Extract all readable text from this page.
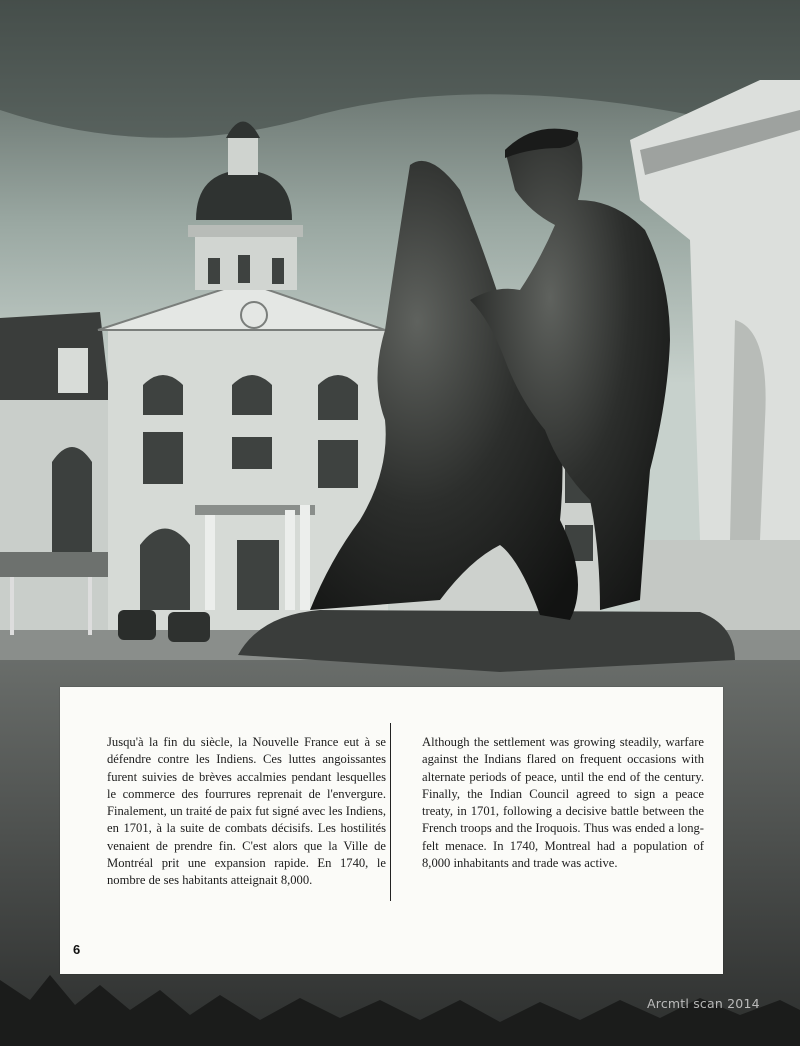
Jusqu'à la fin du siècle, la Nouvelle France eut à se défendre contre les Indiens. Ces luttes angoissantes furent suivies de brèves accalmies pendant lesquelles le commerce des fourrures reprenait de l'envergure. Finalement, un traité de paix fut signé avec les Indiens, en 1701, à la suite de combats décisifs. Les hostilités venaient de prendre fin. C'est alors que la Ville de Montréal prit une expansion rapide. En 1740, le nombre de ses habitants atteignait 8,000.
Although the settlement was growing steadily, warfare against the Indians flared on frequent occasions with alternate periods of peace, until the end of the century. Finally, the Indian Council agreed to sign a peace treaty, in 1701, following a decisive battle between the French troops and the Iroquois. Thus was ended a long-felt menace. In 1740, Montreal had a population of 8,000 inhabitants and trade was active.
6
Arcmtl scan 2014
